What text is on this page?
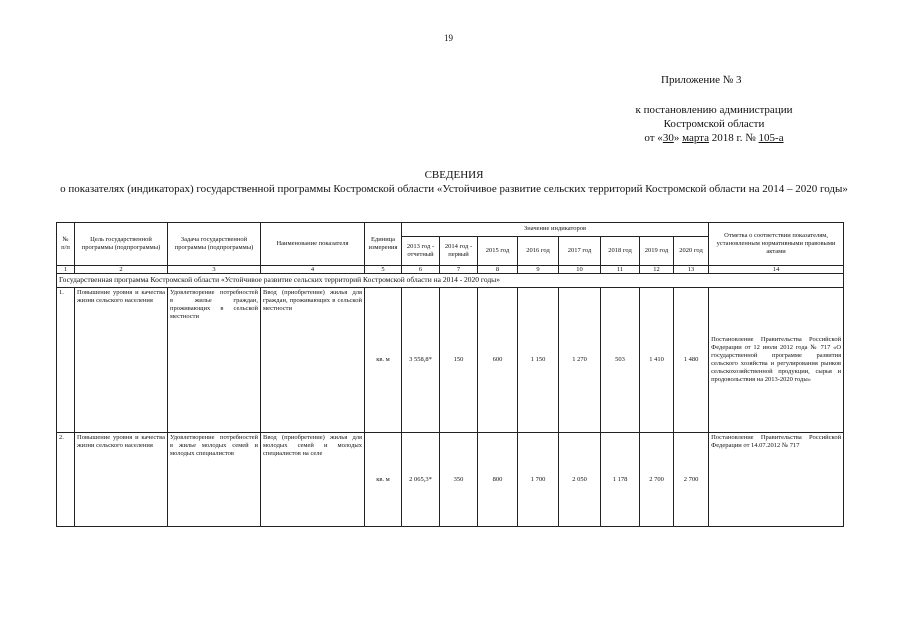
19
Приложение № 3
к постановлению администрации
Костромской области
от «30» марта 2018 г. № 105-а
СВЕДЕНИЯ
о показателях (индикаторах) государственной программы Костромской области «Устойчивое развитие сельских территорий Костромской области на 2014 – 2020 годы»
№ п/п	Цель государственной программы (подпрограммы)	Задача государственной программы (подпрограммы)	Наименование показателя	Единица измерения	Значение индикаторов								Отметка о соответствии показателям, установленным нормативными правовыми актами
					2013 год - отчетный	2014 год - первый	2015 год	2016 год	2017 год	2018 год	2019 год	2020 год	
1	2	3	4	5	6	7	8	9	10	11	12	13	14
Государственная программа Костромской области «Устойчивое развитие сельских территорий Костромской области на 2014 - 2020 годы»													
1.	Повышение уровня и качества жизни сельского населения	Удовлетворение потребностей в жилье граждан, проживающих в сельской местности	Ввод (приобретение) жилья для граждан, проживающих в сельской местности	кв. м	3 558,8*	150	600	1 150	1 270	503	1 410	1 480	Постановление Правительства Российской Федерации от 12 июля 2012 года № 717 «О государственной программе развития сельского хозяйства и регулирования рынков сельскохозяйственной продукции, сырья и продовольствия на 2013-2020 годы»
2.	Повышение уровня и качества жизни сельского населения	Удовлетворение потребностей в жилье молодых семей и молодых специалистов	Ввод (приобретение) жилья для молодых семей и молодых специалистов на селе	кв. м	2 065,3*	350	800	1 700	2 050	1 178	2 700	2 700	Постановление Правительства Российской Федерации от 14.07.2012 № 717
